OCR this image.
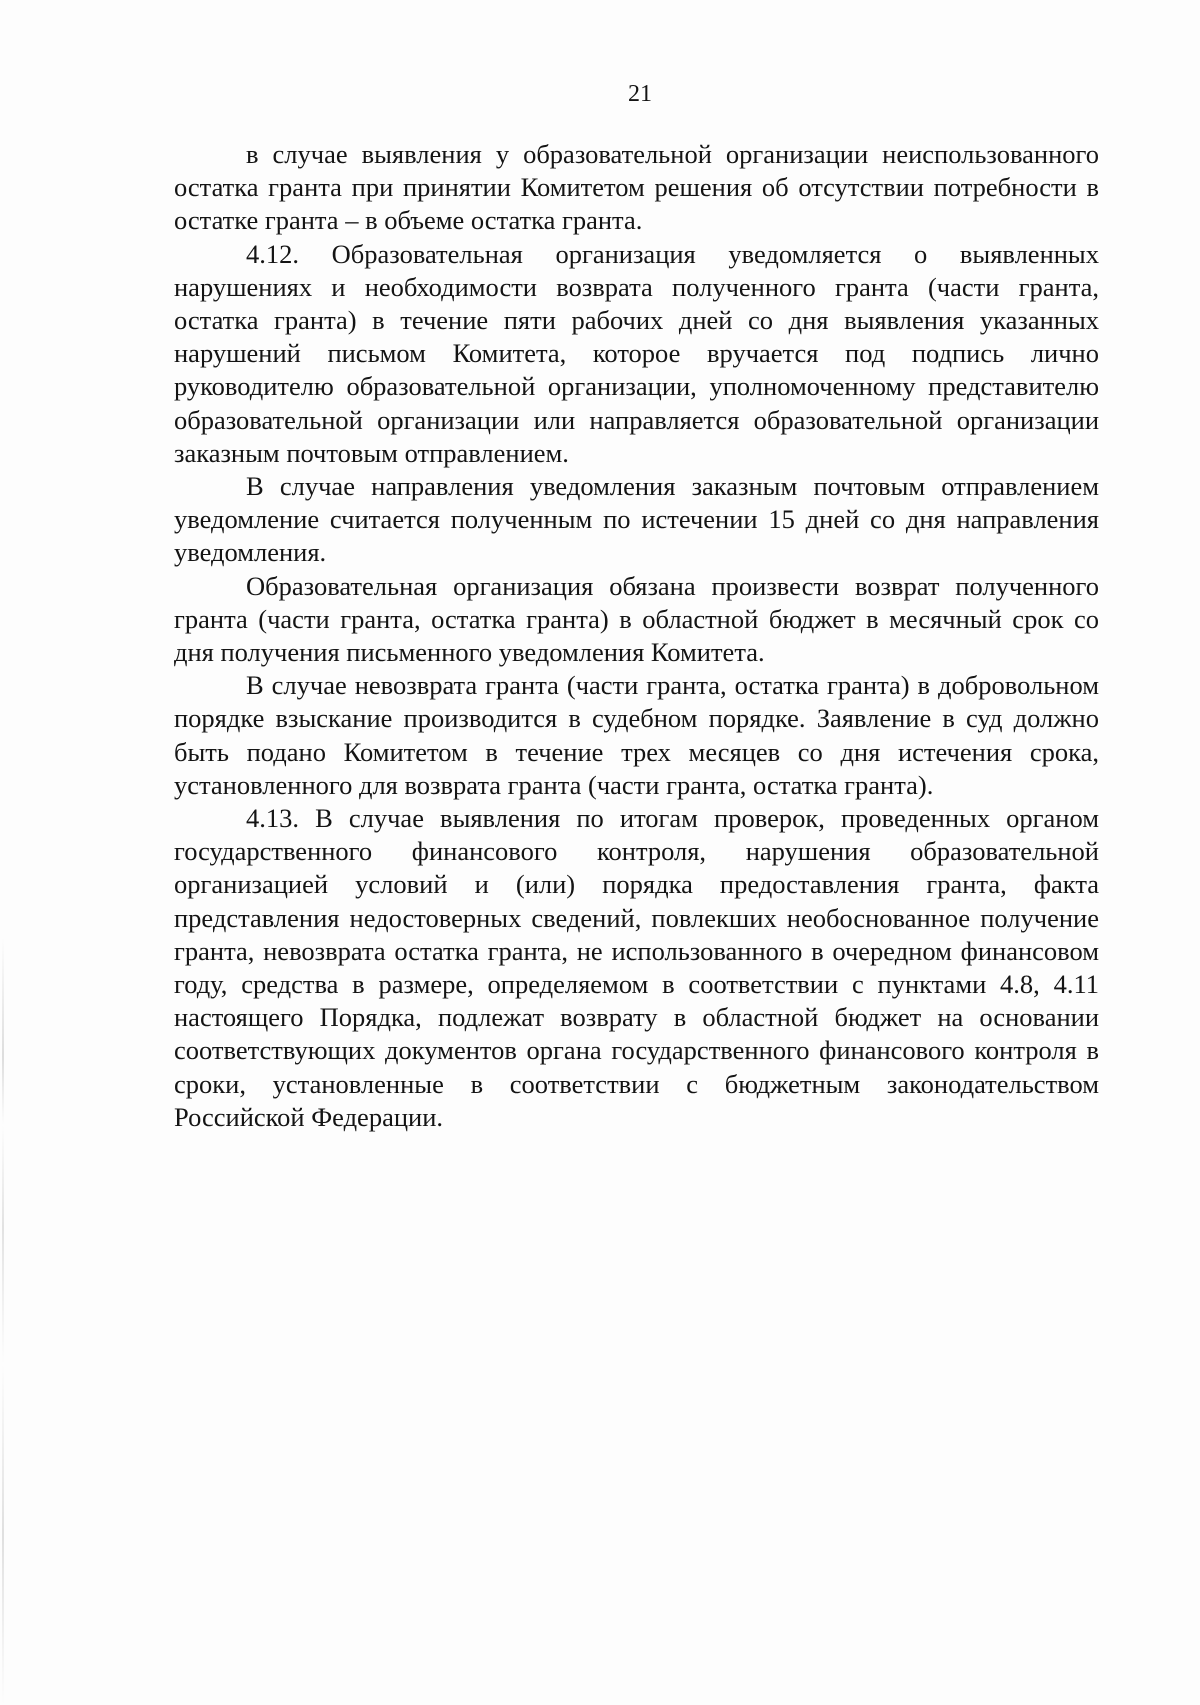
21

в случае выявления у образовательной организации неиспользованного остатка гранта при принятии Комитетом решения об отсутствии потребности в остатке гранта – в объеме остатка гранта.

4.12. Образовательная организация уведомляется о выявленных нарушениях и необходимости возврата полученного гранта (части гранта, остатка гранта) в течение пяти рабочих дней со дня выявления указанных нарушений письмом Комитета, которое вручается под подпись лично руководителю образовательной организации, уполномоченному представителю образовательной организации или направляется образовательной организации заказным почтовым отправлением.

В случае направления уведомления заказным почтовым отправлением уведомление считается полученным по истечении 15 дней со дня направления уведомления.

Образовательная организация обязана произвести возврат полученного гранта (части гранта, остатка гранта) в областной бюджет в месячный срок со дня получения письменного уведомления Комитета.

В случае невозврата гранта (части гранта, остатка гранта) в добровольном порядке взыскание производится в судебном порядке. Заявление в суд должно быть подано Комитетом в течение трех месяцев со дня истечения срока, установленного для возврата гранта (части гранта, остатка гранта).

4.13. В случае выявления по итогам проверок, проведенных органом государственного финансового контроля, нарушения образовательной организацией условий и (или) порядка предоставления гранта, факта представления недостоверных сведений, повлекших необоснованное получение гранта, невозврата остатка гранта, не использованного в очередном финансовом году, средства в размере, определяемом в соответствии с пунктами 4.8, 4.11 настоящего Порядка, подлежат возврату в областной бюджет на основании соответствующих документов органа государственного финансового контроля в сроки, установленные в соответствии с бюджетным законодательством Российской Федерации.
